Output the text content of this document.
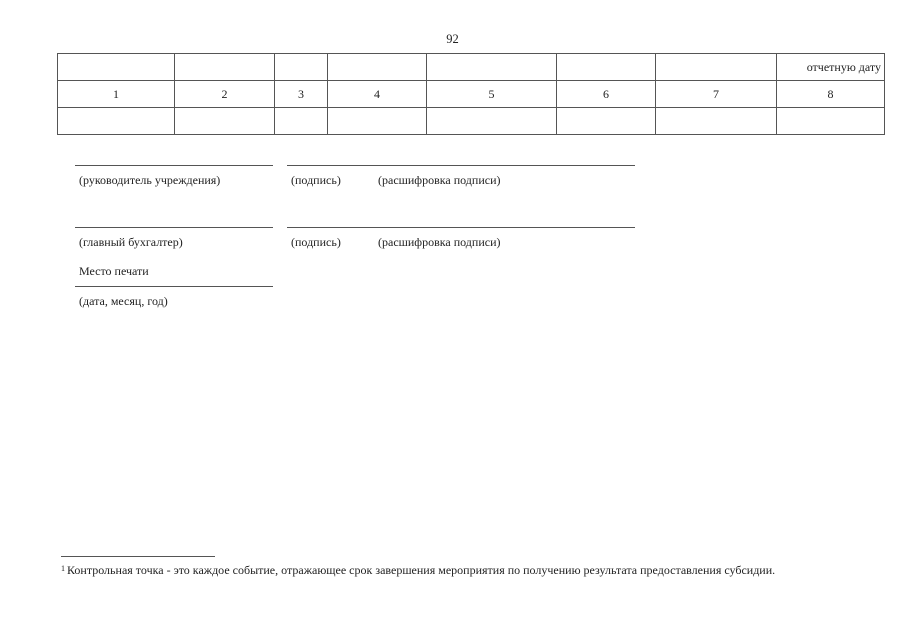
92
							отчетную дату
1	2	3	4	5	6	7	8

(руководитель учреждения)	(подпись)	(расшифровка подписи)
(главный бухгалтер)	(подпись)	(расшифровка подписи)
Место печати
(дата, месяц, год)
$^1$ Контрольная точка - это каждое событие, отражающее срок завершения мероприятия по получению результата предоставления субсидии.
